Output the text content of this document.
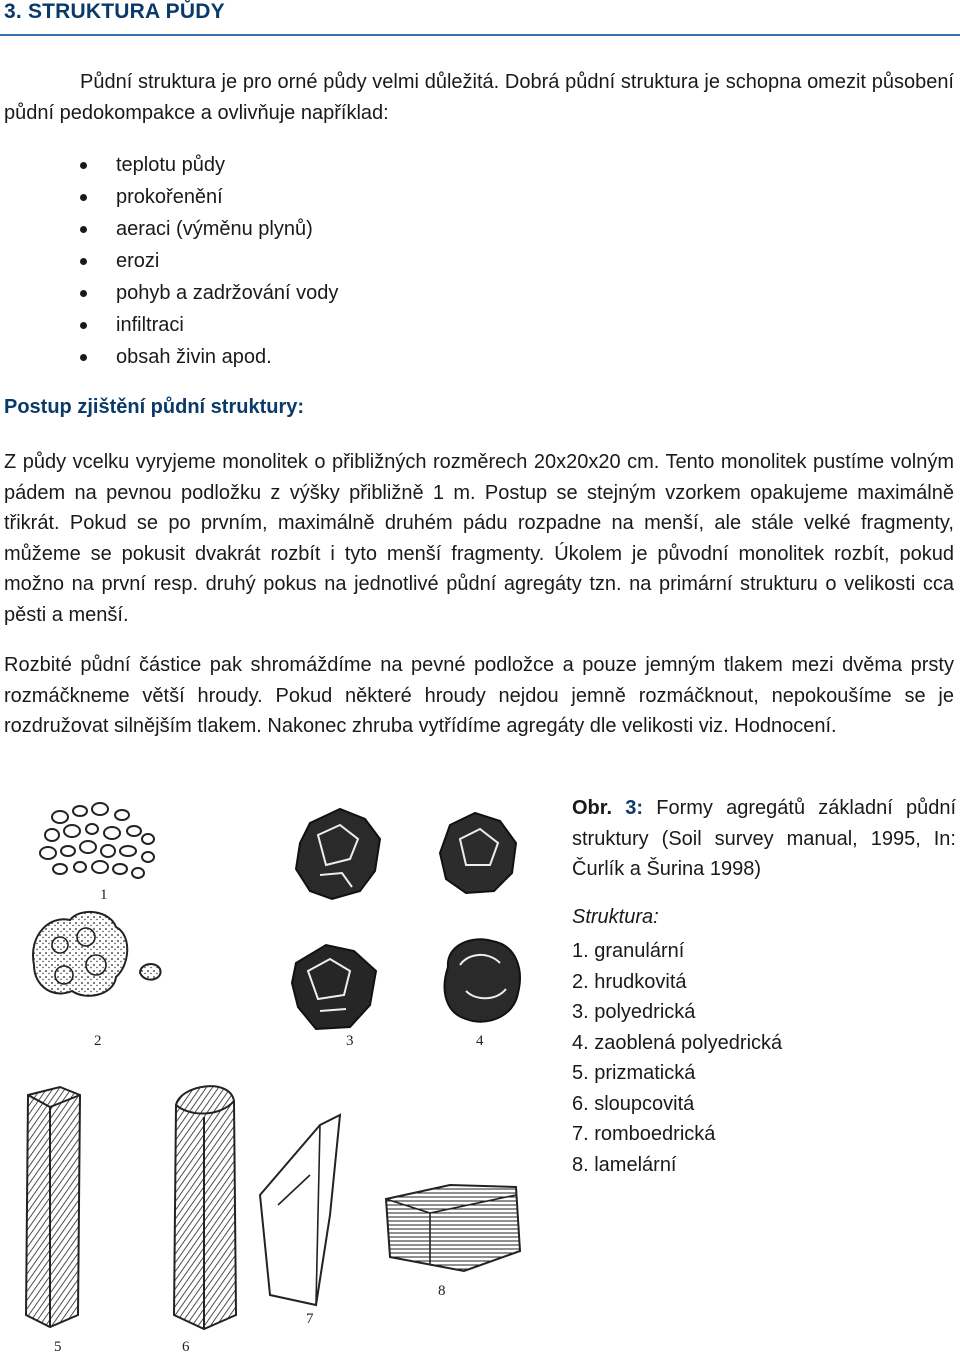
3. STRUKTURA PŮDY

Půdní struktura je pro orné půdy velmi důležitá. Dobrá půdní struktura je schopna omezit působení půdní pedokompakce a ovlivňuje například:

teplotu půdy
prokořenění
aeraci (výměnu plynů)
erozi
pohyb a zadržování vody
infiltraci
obsah živin apod.
Postup zjištění půdní struktury:

Z půdy vcelku vyryjeme monolitek o přibližných rozměrech 20x20x20 cm. Tento monolitek pustíme volným pádem na pevnou podložku z výšky přibližně 1 m. Postup se stejným vzorkem opakujeme maximálně třikrát. Pokud se po prvním, maximálně druhém pádu rozpadne na menší, ale stále velké fragmenty, můžeme se pokusit dvakrát rozbít i tyto menší fragmenty. Úkolem je původní monolitek rozbít, pokud možno na první resp. druhý pokus na jednotlivé půdní agregáty tzn. na primární strukturu o velikosti cca pěsti a menší.

Rozbité půdní částice pak shromáždíme na pevné podložce a pouze jemným tlakem mezi dvěma prsty rozmáčkneme větší hroudy. Pokud některé hroudy nejdou jemně rozmáčknout, nepokoušíme se je rozdružovat silnějším tlakem. Nakonec zhruba vytřídíme agregáty dle velikosti viz. Hodnocení.

1
2	3	4
5	6
7
8
Obr. 3: Formy agregátů základní půdní struktury (Soil survey manual, 1995, In: Čurlík a Šurina 1998)
Struktura:
1. granulární
2. hrudkovitá
3. polyedrická
4. zaoblená polyedrická
5. prizmatická
6. sloupcovitá
7. romboedrická
8. lamelární
